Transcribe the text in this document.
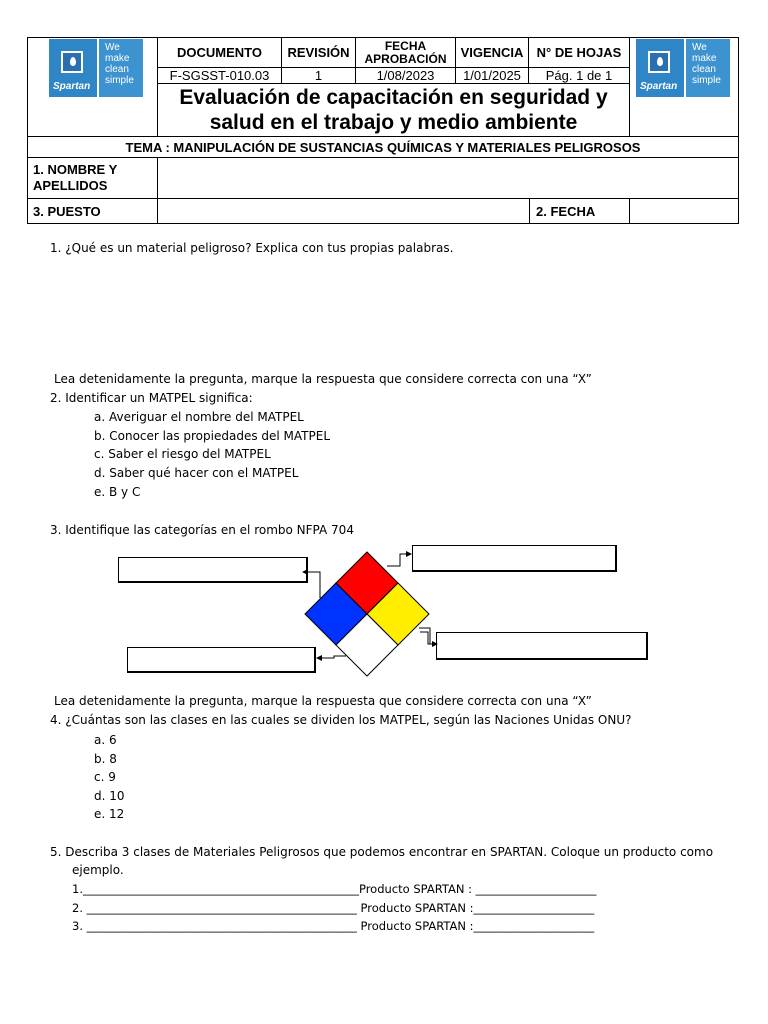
Spartan
We
make
clean
simple
DOCUMENTO	REVISIÓN	FECHA APROBACIÓN	VIGENCIA	N° DE HOJAS
F-SGSST-010.03	1	1/08/2023	1/01/2025	Pág. 1 de 1
Evaluación de capacitación en seguridad y salud en el trabajo y medio ambiente
Spartan
We
make
clean
simple
TEMA : MANIPULACIÓN DE SUSTANCIAS QUÍMICAS Y MATERIALES PELIGROSOS
1. NOMBRE Y APELLIDOS
3. PUESTO	2. FECHA
1. ¿Qué es un material peligroso? Explica con tus propias palabras.
Lea detenidamente la pregunta, marque la respuesta que considere correcta con una “X”
2. Identificar un MATPEL significa:
a. Averiguar el nombre del MATPEL
b. Conocer las propiedades del MATPEL
c. Saber el riesgo del MATPEL
d. Saber qué hacer con el MATPEL
e. B y C
3. Identifique las categorías en el rombo NFPA 704
Lea detenidamente la pregunta, marque la respuesta que considere correcta con una “X”
4. ¿Cuántas son las clases en las cuales se dividen los MATPEL, según las Naciones Unidas ONU?
a. 6
b. 8
c. 9
d. 10
e. 12
5. Describa 3 clases de Materiales Peligrosos que podemos encontrar en SPARTAN. Coloque un producto como
ejemplo.
1.________________________________________________Producto SPARTAN : _____________________
2. _______________________________________________ Producto SPARTAN :_____________________
3. _______________________________________________ Producto SPARTAN :_____________________
